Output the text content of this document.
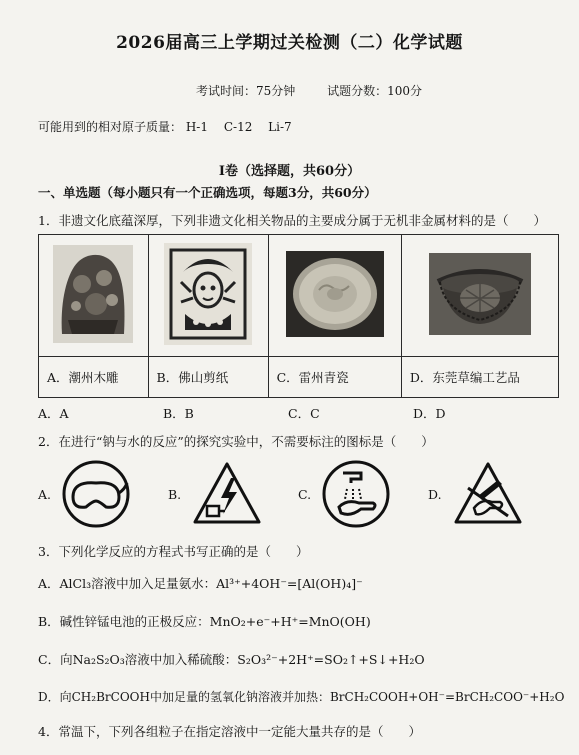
2026届高三上学期过关检测（二）化学试题
考试时间：75分钟	试题分数：100分
可能用到的相对原子质量： H-1 C-12 Li-7
Ⅰ卷（选择题，共60分）
一、单选题（每小题只有一个正确选项，每题3分，共60分）
1．非遗文化底蕴深厚，下列非遗文化相关物品的主要成分属于无机非金属材料的是（　　）

A．潮州木雕	B．佛山剪纸	C．雷州青瓷	D．东莞草编工艺品
A．A	B．B	C．C	D．D
2．在进行“钠与水的反应”的探究实验中，不需要标注的图标是（　　）
A.	B.	C.	D.
3．下列化学反应的方程式书写正确的是（　　）
A．AlCl₃溶液中加入足量氨水：Al³⁺+4OH⁻=[Al(OH)₄]⁻
B．碱性锌锰电池的正极反应：MnO₂+e⁻+H⁺=MnO(OH)
C．向Na₂S₂O₃溶液中加入稀硫酸：S₂O₃²⁻+2H⁺=SO₂↑+S↓+H₂O
D．向CH₂BrCOOH中加足量的氢氧化钠溶液并加热：BrCH₂COOH+OH⁻=BrCH₂COO⁻+H₂O
4．常温下，下列各组粒子在指定溶液中一定能大量共存的是（　　）
